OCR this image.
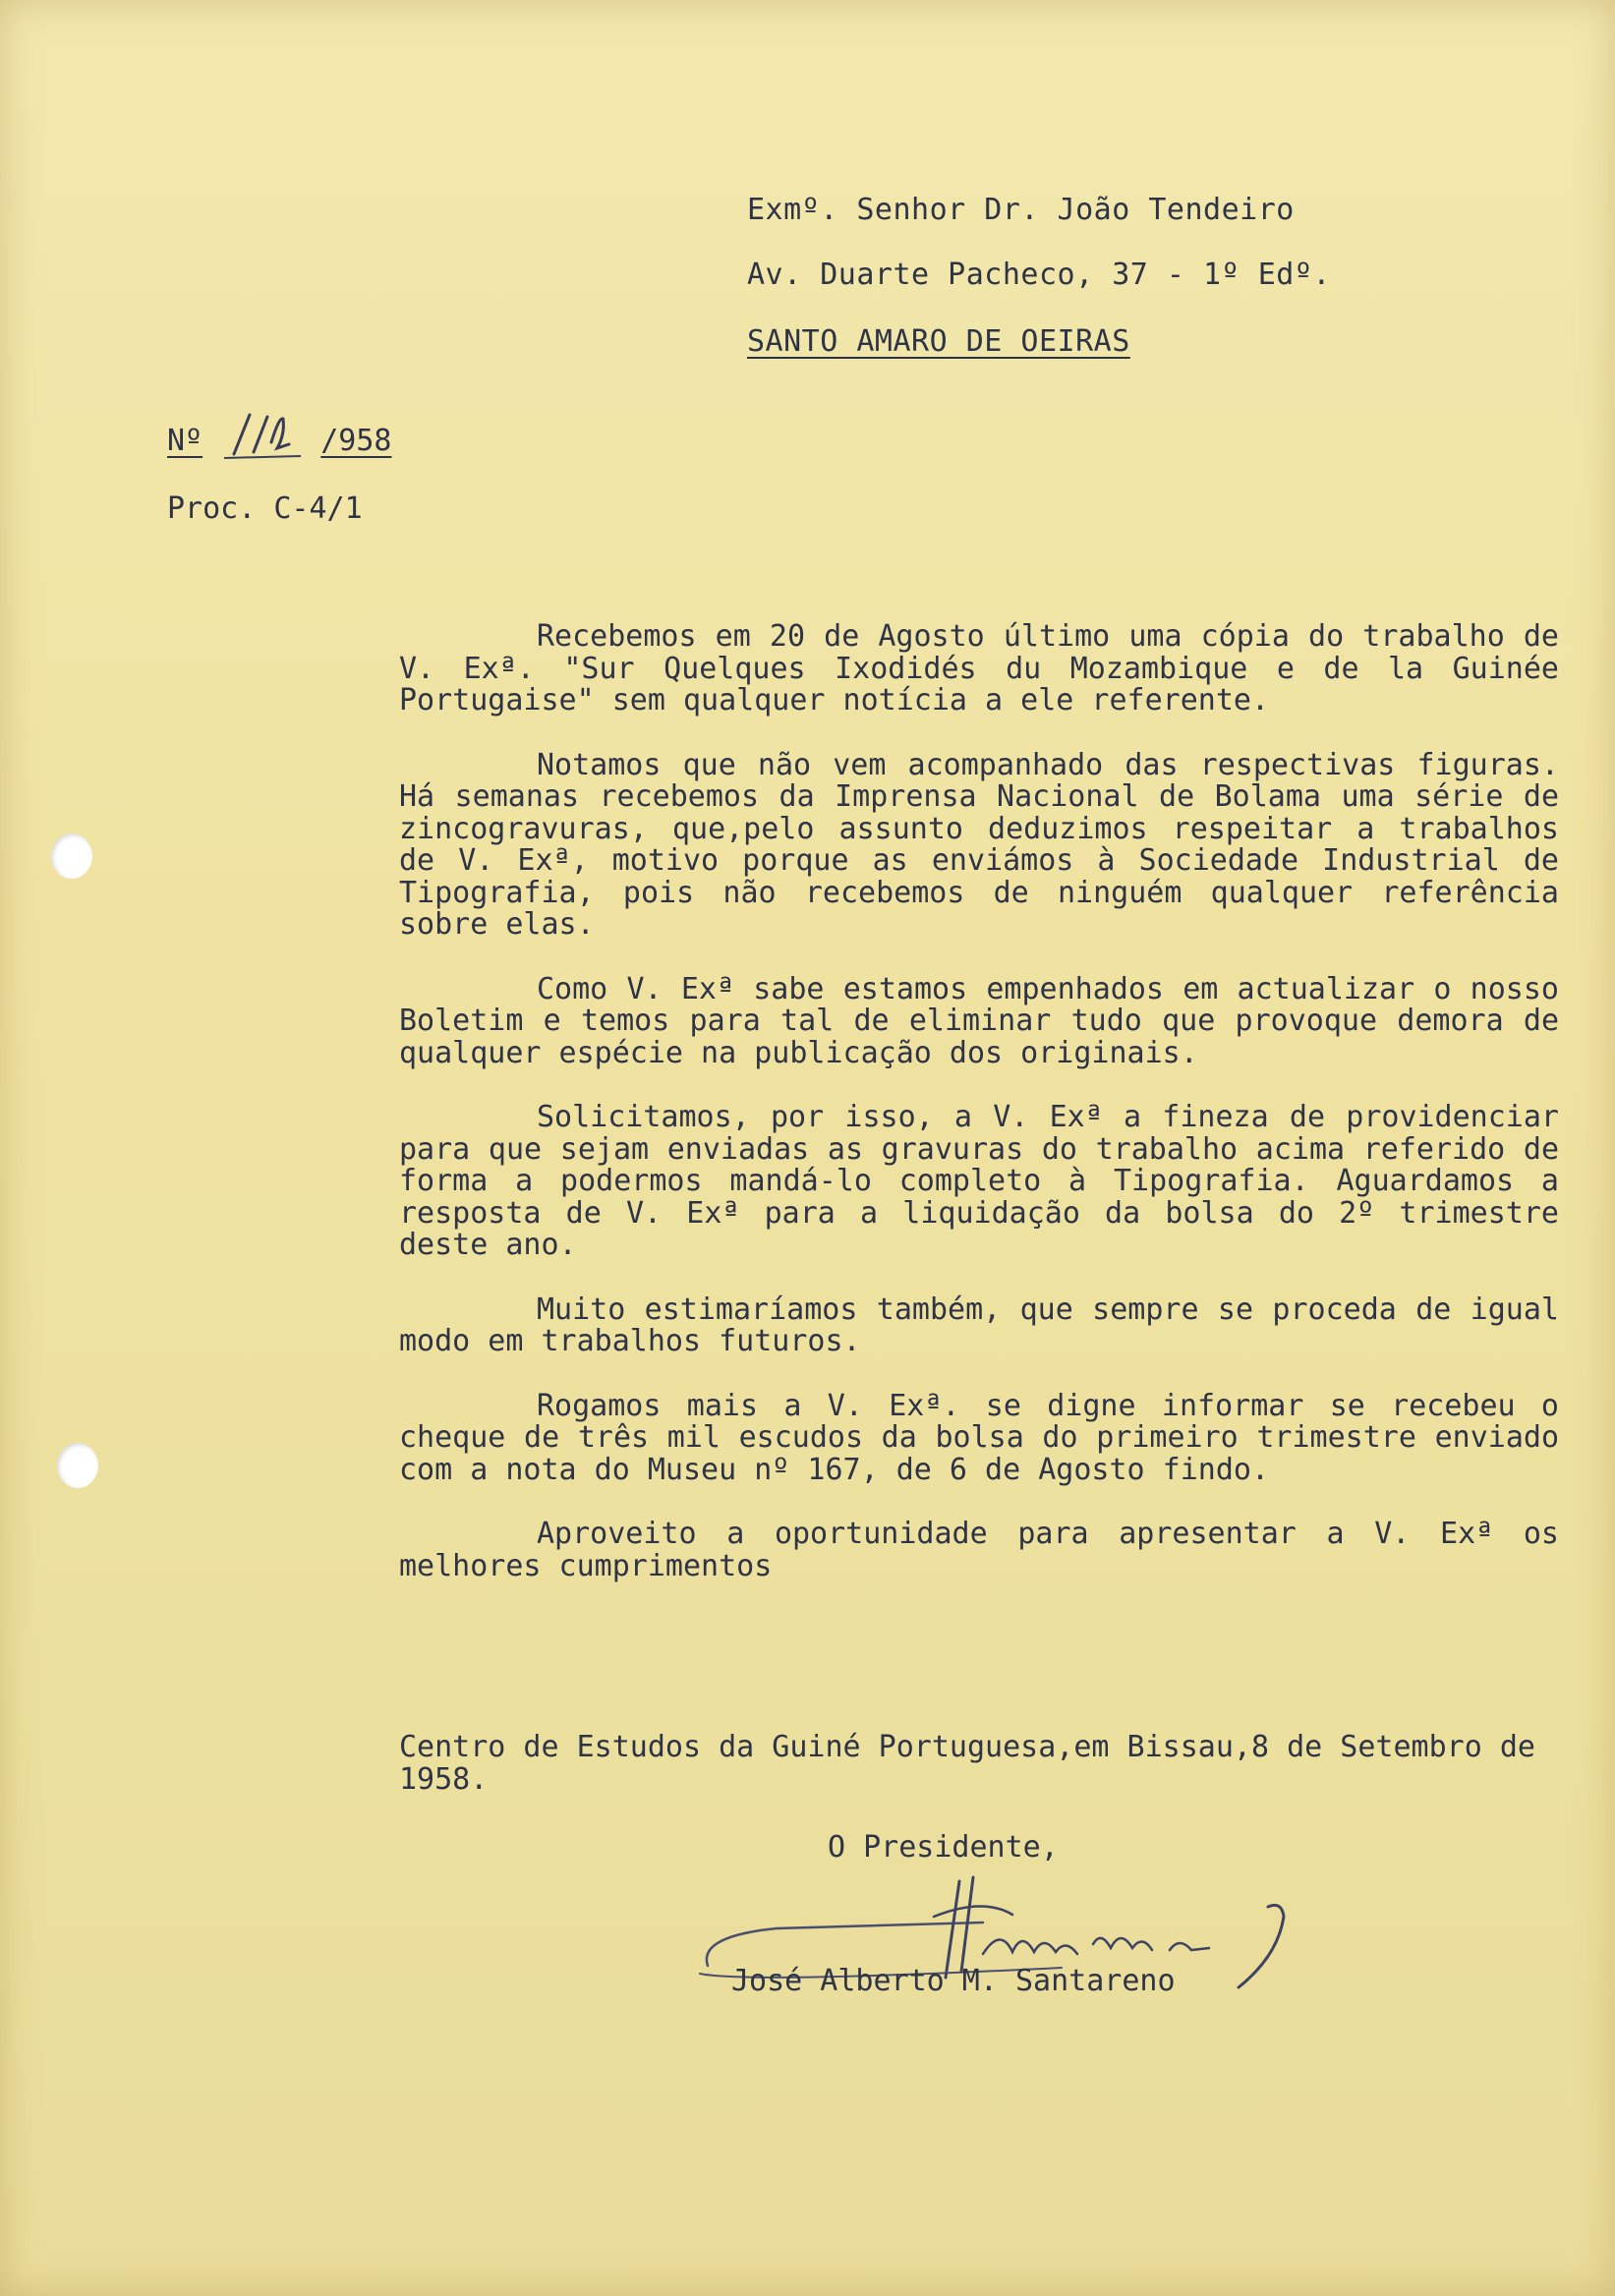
Exmº. Senhor Dr. João Tendeiro
Av. Duarte Pacheco, 37 - 1º Edº.
SANTO AMARO DE OEIRAS
Nº	/958
Proc. C-4/1

Recebemos em 20 de Agosto último uma cópia do trabalho de V. Exª. "Sur Quelques Ixodidés du Mozambique e de la Guinée Portugaise" sem qualquer notícia a ele referente.

Notamos que não vem acompanhado das respectivas figuras. Há semanas recebemos da Imprensa Nacional de Bolama uma série de zincogravuras, que,pelo assunto deduzimos respeitar a trabalhos de V. Exª, motivo porque as enviámos à Sociedade Industrial de Tipografia, pois não recebemos de ninguém qualquer referência sobre elas.

Como V. Exª sabe estamos empenhados em actualizar o nosso Boletim e temos para tal de eliminar tudo que provoque demora de qualquer espécie na publicação dos originais.

Solicitamos, por isso, a V. Exª a fineza de providenciar para que sejam enviadas as gravuras do trabalho acima referido de forma a podermos mandá-lo completo à Tipografia. Aguardamos a resposta de V. Exª para a liquidação da bolsa do 2º trimestre deste ano.

Muito estimaríamos também, que sempre se proceda de igual modo em trabalhos futuros.

Rogamos mais a V. Exª. se digne informar se recebeu o cheque de três mil escudos da bolsa do primeiro trimestre enviado com a nota do Museu nº 167, de 6 de Agosto findo.

Aproveito a oportunidade para apresentar a V. Exª os melhores cumprimentos

Centro de Estudos da Guiné Portuguesa,em Bissau,8 de Setembro de 1958.
O Presidente,
José Alberto M. Santareno
